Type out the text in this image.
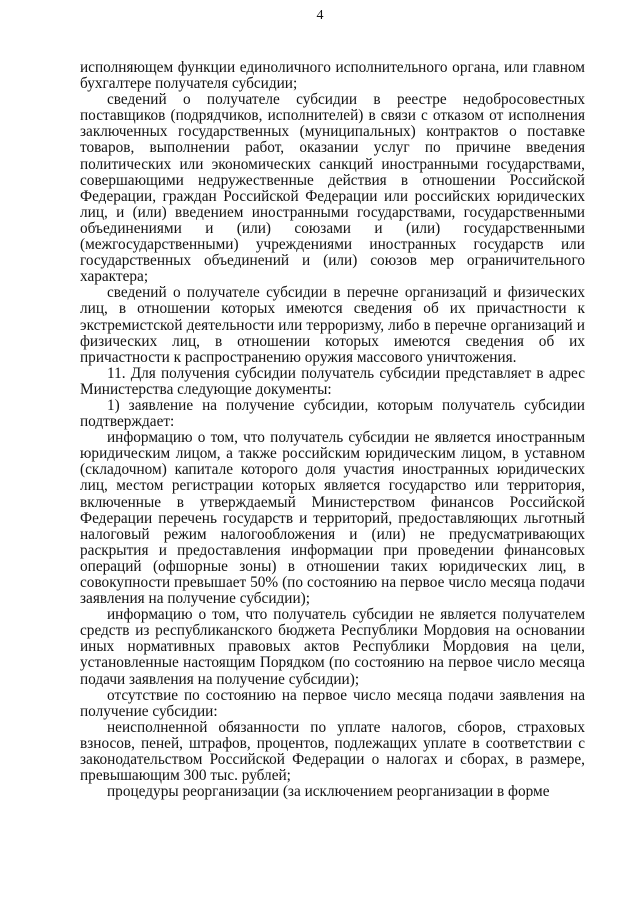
4

исполняющем функции единоличного исполнительного органа, или главном бухгалтере получателя субсидии;

сведений о получателе субсидии в реестре недобросовестных поставщиков (подрядчиков, исполнителей) в связи с отказом от исполнения заключенных государственных (муниципальных) контрактов о поставке товаров, выполнении работ, оказании услуг по причине введения политических или экономических санкций иностранными государствами, совершающими недружественные действия в отношении Российской Федерации, граждан Российской Федерации или российских юридических лиц, и (или) введением иностранными государствами, государственными объединениями и (или) союзами и (или) государственными (межгосударственными) учреждениями иностранных государств или государственных объединений и (или) союзов мер ограничительного характера;

сведений о получателе субсидии в перечне организаций и физических лиц, в отношении которых имеются сведения об их причастности к экстремистской деятельности или терроризму, либо в перечне организаций и физических лиц, в отношении которых имеются сведения об их причастности к распространению оружия массового уничтожения.

11. Для получения субсидии получатель субсидии представляет в адрес Министерства следующие документы:

1) заявление на получение субсидии, которым получатель субсидии подтверждает:

информацию о том, что получатель субсидии не является иностранным юридическим лицом, а также российским юридическим лицом, в уставном (складочном) капитале которого доля участия иностранных юридических лиц, местом регистрации которых является государство или территория, включенные в утверждаемый Министерством финансов Российской Федерации перечень государств и территорий, предоставляющих льготный налоговый режим налогообложения и (или) не предусматривающих раскрытия и предоставления информации при проведении финансовых операций (офшорные зоны) в отношении таких юридических лиц, в совокупности превышает 50% (по состоянию на первое число месяца подачи заявления на получение субсидии);

информацию о том, что получатель субсидии не является получателем средств из республиканского бюджета Республики Мордовия на основании иных нормативных правовых актов Республики Мордовия на цели, установленные настоящим Порядком (по состоянию на первое число месяца подачи заявления на получение субсидии);

отсутствие по состоянию на первое число месяца подачи заявления на получение субсидии:

неисполненной обязанности по уплате налогов, сборов, страховых взносов, пеней, штрафов, процентов, подлежащих уплате в соответствии с законодательством Российской Федерации о налогах и сборах, в размере, превышающим 300 тыс. рублей;

процедуры реорганизации (за исключением реорганизации в форме
